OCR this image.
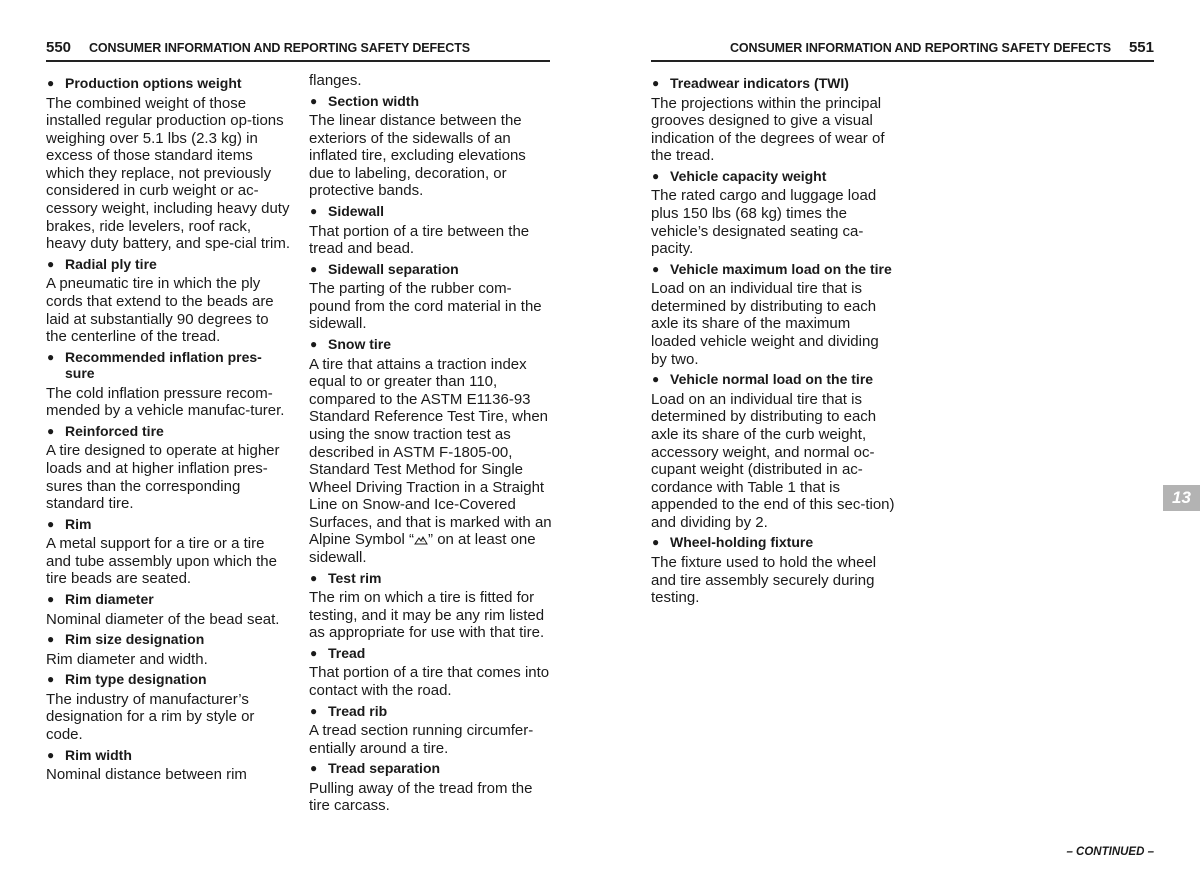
550 CONSUMER INFORMATION AND REPORTING SAFETY DEFECTS	CONSUMER INFORMATION AND REPORTING SAFETY DEFECTS 551
● Production options weight
The combined weight of those installed regular production op-tions weighing over 5.1 lbs (2.3 kg) in excess of those standard items which they replace, not previously considered in curb weight or ac-cessory weight, including heavy duty brakes, ride levelers, roof rack, heavy duty battery, and spe-cial trim.
● Radial ply tire
A pneumatic tire in which the ply cords that extend to the beads are laid at substantially 90 degrees to the centerline of the tread.
● Recommended inflation pres-sure
The cold inflation pressure recom-mended by a vehicle manufac-turer.
● Reinforced tire
A tire designed to operate at higher loads and at higher inflation pres-sures than the corresponding standard tire.
● Rim
A metal support for a tire or a tire and tube assembly upon which the tire beads are seated.
● Rim diameter
Nominal diameter of the bead seat.
● Rim size designation
Rim diameter and width.
● Rim type designation
The industry of manufacturer’s designation for a rim by style or code.
● Rim width
Nominal distance between rim
flanges.
● Section width
The linear distance between the exteriors of the sidewalls of an inflated tire, excluding elevations due to labeling, decoration, or protective bands.
● Sidewall
That portion of a tire between the tread and bead.
● Sidewall separation
The parting of the rubber com-pound from the cord material in the sidewall.
● Snow tire
A tire that attains a traction index equal to or greater than 110, compared to the ASTM E1136-93 Standard Reference Test Tire, when using the snow traction test as described in ASTM F-1805-00, Standard Test Method for Single Wheel Driving Traction in a Straight Line on Snow-and Ice-Covered Surfaces, and that is marked with an Alpine Symbol “ ” on at least one sidewall.
● Test rim
The rim on which a tire is fitted for testing, and it may be any rim listed as appropriate for use with that tire.
● Tread
That portion of a tire that comes into contact with the road.
● Tread rib
A tread section running circumfer-entially around a tire.
● Tread separation
Pulling away of the tread from the tire carcass.
● Treadwear indicators (TWI)
The projections within the principal grooves designed to give a visual indication of the degrees of wear of the tread.
● Vehicle capacity weight
The rated cargo and luggage load plus 150 lbs (68 kg) times the vehicle’s designated seating ca-pacity.
● Vehicle maximum load on the tire
Load on an individual tire that is determined by distributing to each axle its share of the maximum loaded vehicle weight and dividing by two.
● Vehicle normal load on the tire
Load on an individual tire that is determined by distributing to each axle its share of the curb weight, accessory weight, and normal oc-cupant weight (distributed in ac-cordance with Table 1 that is appended to the end of this sec-tion) and dividing by 2.
● Wheel-holding fixture
The fixture used to hold the wheel and tire assembly securely during testing.
13
– CONTINUED –
